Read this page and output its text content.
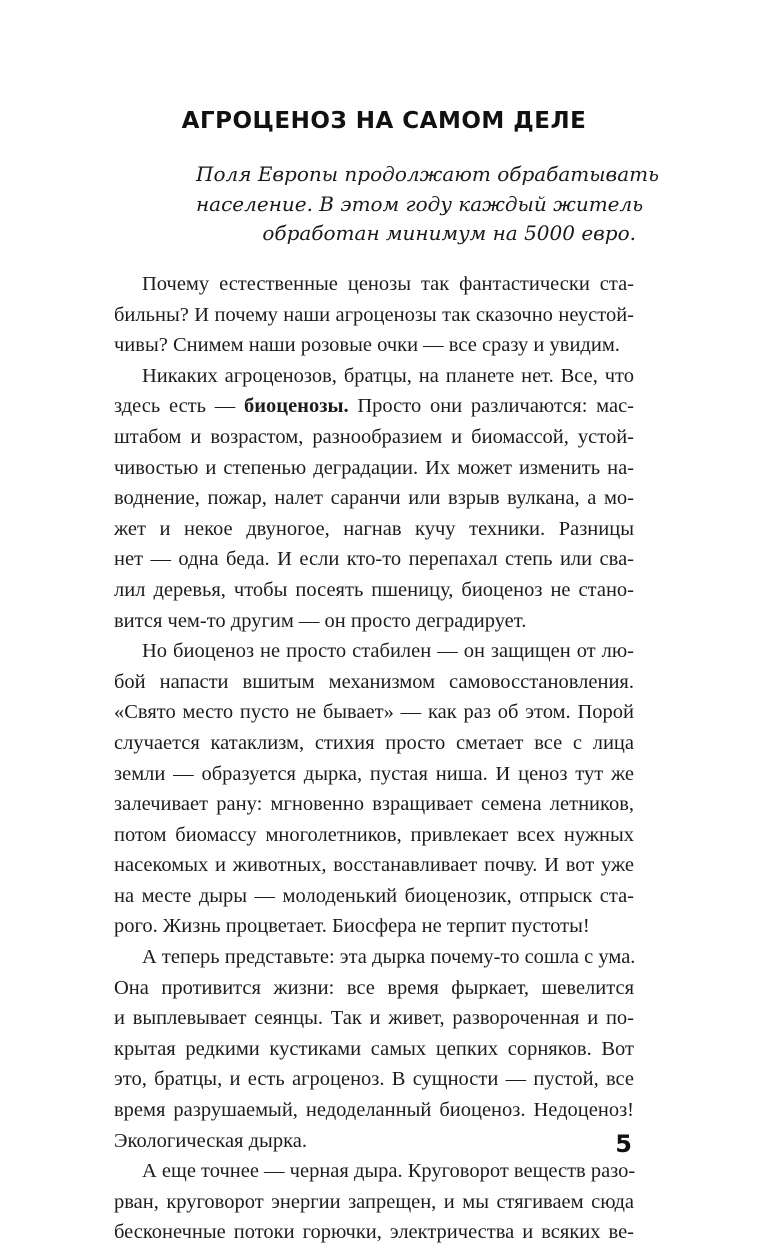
АГРОЦЕНОЗ НА САМОМ ДЕЛЕ
Поля Европы продолжают обрабатывать
население. В этом году каждый житель
обработан минимум на 5000 евро.
Почему естественные ценозы так фантастически ста-
бильны? И почему наши агроценозы так сказочно неустой-
чивы? Снимем наши розовые очки — все сразу и увидим.
Никаких агроценозов, братцы, на планете нет. Все, что
здесь есть — биоценозы. Просто они различаются: мас-
штабом и возрастом, разнообразием и биомассой, устой-
чивостью и степенью деградации. Их может изменить на-
воднение, пожар, налет саранчи или взрыв вулкана, а мо-
жет и некое двуногое, нагнав кучу техники. Разницы
нет — одна беда. И если кто-то перепахал степь или сва-
лил деревья, чтобы посеять пшеницу, биоценоз не стано-
вится чем-то другим — он просто деградирует.
Но биоценоз не просто стабилен — он защищен от лю-
бой напасти вшитым механизмом самовосстановления.
«Свято место пусто не бывает» — как раз об этом. Порой
случается катаклизм, стихия просто сметает все с лица
земли — образуется дырка, пустая ниша. И ценоз тут же
залечивает рану: мгновенно взращивает семена летников,
потом биомассу многолетников, привлекает всех нужных
насекомых и животных, восстанавливает почву. И вот уже
на месте дыры — молоденький биоценозик, отпрыск ста-
рого. Жизнь процветает. Биосфера не терпит пустоты!
А теперь представьте: эта дырка почему-то сошла с ума.
Она противится жизни: все время фыркает, шевелится
и выплевывает сеянцы. Так и живет, развороченная и по-
крытая редкими кустиками самых цепких сорняков. Вот
это, братцы, и есть агроценоз. В сущности — пустой, все
время разрушаемый, недоделанный биоценоз. Недоценоз!
Экологическая дырка.
А еще точнее — черная дыра. Круговорот веществ разо-
рван, круговорот энергии запрещен, и мы стягиваем сюда
бесконечные потоки горючки, электричества и всяких ве-
5
